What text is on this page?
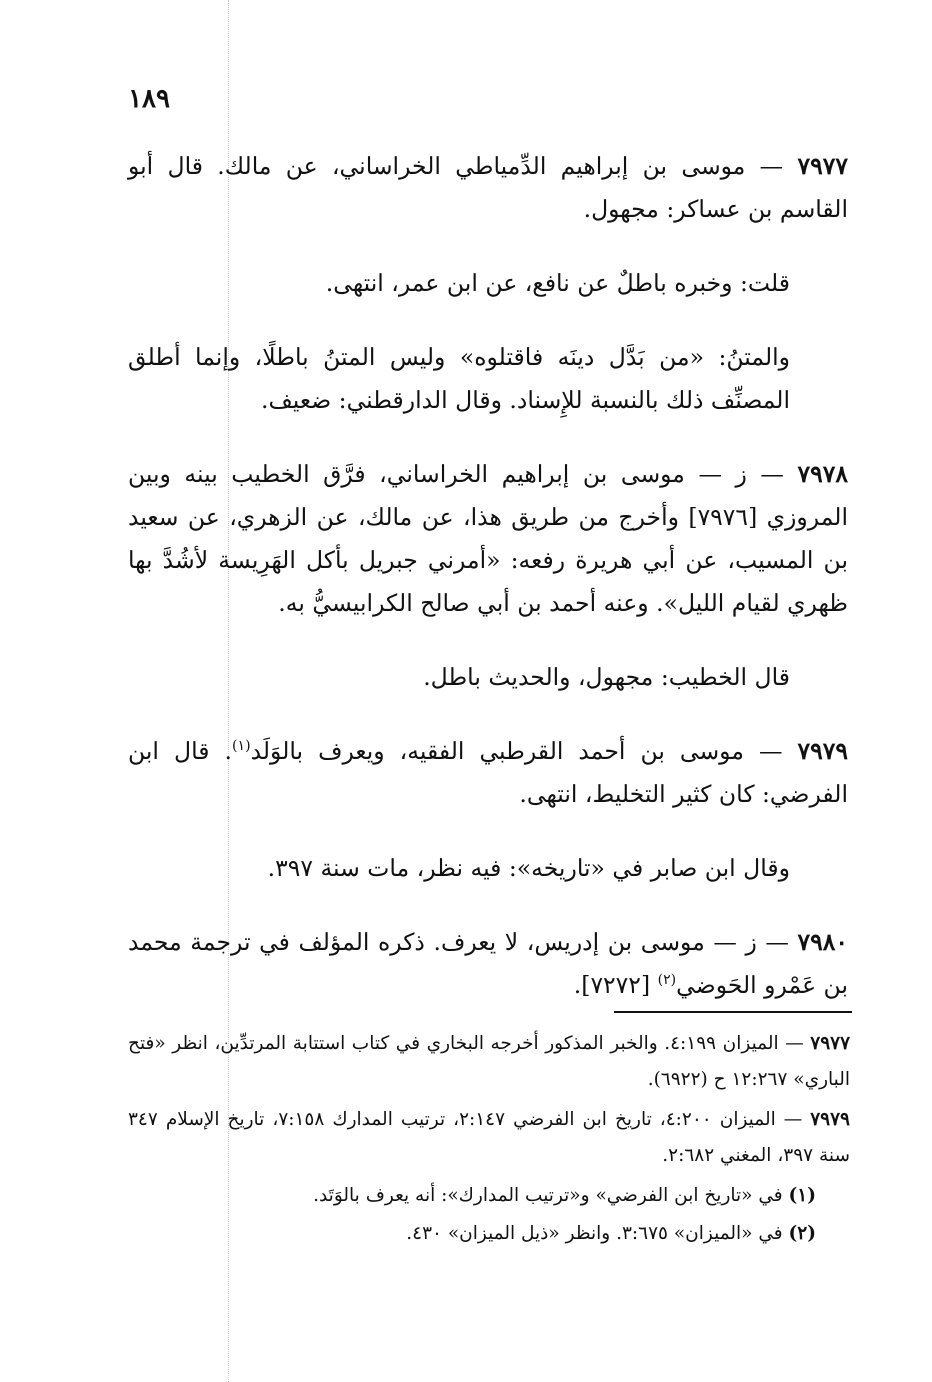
١٨٩

٧٩٧٧ — موسى بن إبراهيم الدِّمياطي الخراساني، عن مالك. قال أبو القاسم بن عساكر: مجهول.

قلت: وخبره باطلٌ عن نافع، عن ابن عمر، انتهى.

والمتنُ: «من بَدَّل دينَه فاقتلوه» وليس المتنُ باطلًا، وإنما أطلق المصنِّف ذلك بالنسبة للإِسناد. وقال الدارقطني: ضعيف.

٧٩٧٨ — ز — موسى بن إبراهيم الخراساني، فرَّق الخطيب بينه وبين المروزي [٧٩٧٦] وأخرج من طريق هذا، عن مالك، عن الزهري، عن سعيد بن المسيب، عن أبي هريرة رفعه: «أمرني جبريل بأكل الهَرِيسة لأشُدَّ بها ظهري لقيام الليل». وعنه أحمد بن أبي صالح الكرابيسيُّ به.

قال الخطيب: مجهول، والحديث باطل.

٧٩٧٩ — موسى بن أحمد القرطبي الفقيه، ويعرف بالوَلَد$^{(١)}$. قال ابن الفرضي: كان كثير التخليط، انتهى.

وقال ابن صابر في «تاريخه»: فيه نظر، مات سنة ٣٩٧.

٧٩٨٠ — ز — موسى بن إدريس، لا يعرف. ذكره المؤلف في ترجمة محمد بن عَمْرو الحَوضي$^{(٢)}$ [٧٢٧٢].

٧٩٧٧ — الميزان ٤:١٩٩. والخبر المذكور أخرجه البخاري في كتاب استتابة المرتدِّين، انظر «فتح الباري» ١٢:٢٦٧ ح (٦٩٢٢).

٧٩٧٩ — الميزان ٤:٢٠٠، تاريخ ابن الفرضي ٢:١٤٧، ترتيب المدارك ٧:١٥٨، تاريخ الإسلام ٣٤٧ سنة ٣٩٧، المغني ٢:٦٨٢.

(١) في «تاريخ ابن الفرضي» و«ترتيب المدارك»: أنه يعرف بالوَتَد.

(٢) في «الميزان» ٣:٦٧٥. وانظر «ذيل الميزان» ٤٣٠.
